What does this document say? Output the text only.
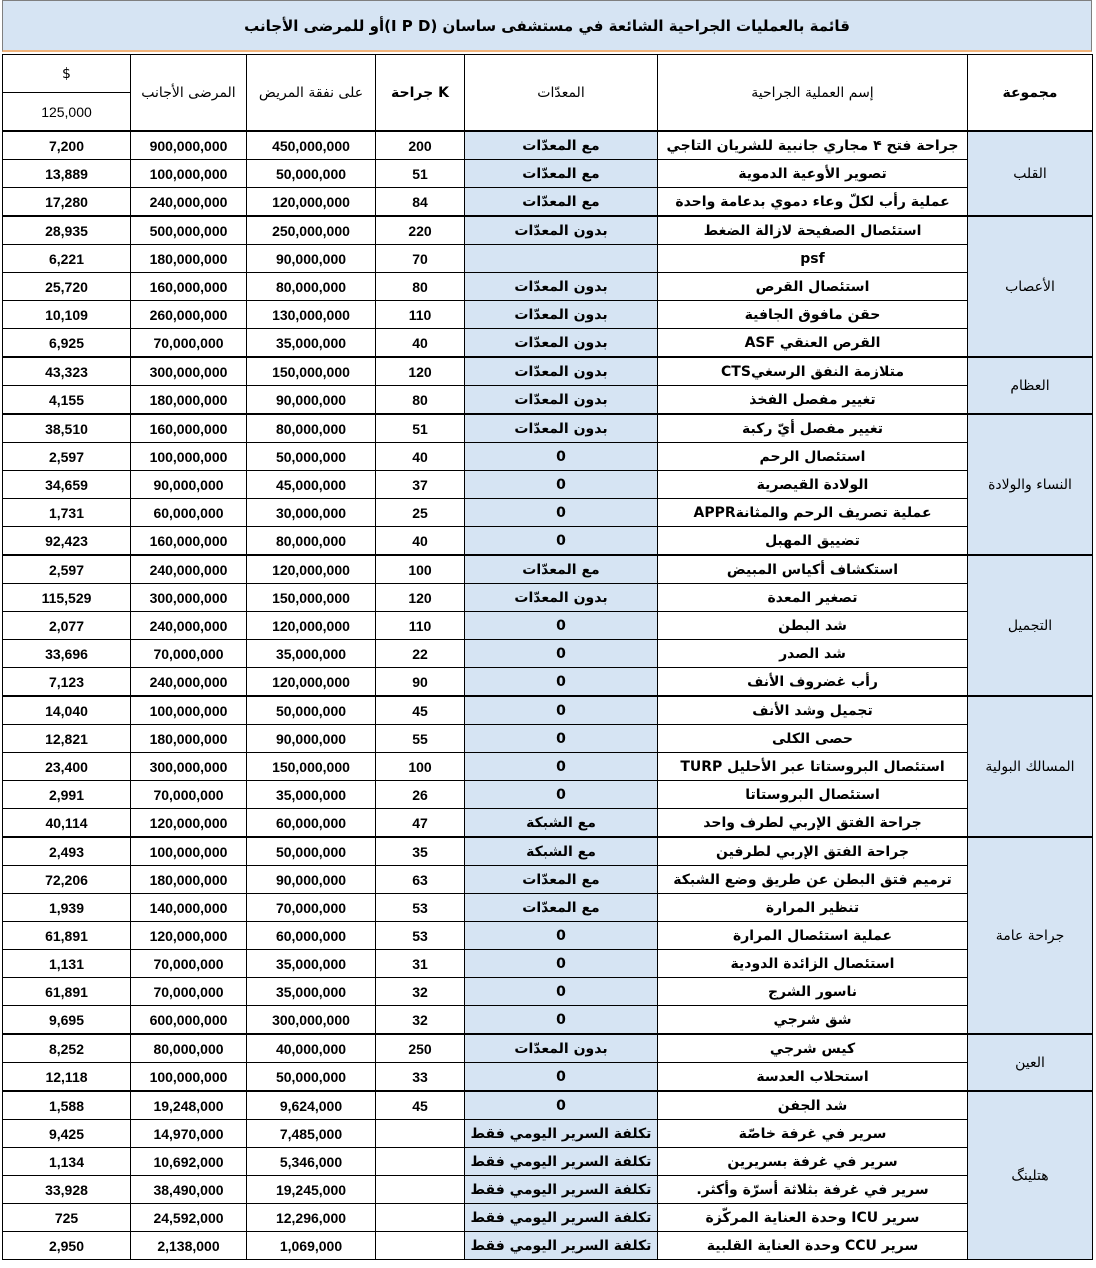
قائمة بالعمليات الجراحية الشائعة في مستشفى ساسان (I P D)أو للمرضى الأجانب
$	المرضى الأجانب	على نفقة المريض	جراحة K	المعدّات	إسم العملية الجراحية	مجموعة
125,000						
7,200	900,000,000	450,000,000	200	مع المعدّات	جراحة فتح ۴ مجاري جانبية للشريان التاجي	القلب
13,889	100,000,000	50,000,000	51	مع المعدّات	تصوير الأوعية الدموية	
17,280	240,000,000	120,000,000	84	مع المعدّات	عملية رأب لكلّ وعاء دموي بدعامة واحدة	
28,935	500,000,000	250,000,000	220	بدون المعدّات	استئصال الصفيحة لازالة الضغط	الأعصاب
6,221	180,000,000	90,000,000	70		psf	
25,720	160,000,000	80,000,000	80	بدون المعدّات	استئصال القرص	
10,109	260,000,000	130,000,000	110	بدون المعدّات	حقن مافوق الجافية	
6,925	70,000,000	35,000,000	40	بدون المعدّات	القرص العنقي ASF	
43,323	300,000,000	150,000,000	120	بدون المعدّات	متلازمة النفق الرسغيCTS	العظام
4,155	180,000,000	90,000,000	80	بدون المعدّات	تغيير مفصل الفخذ	
38,510	160,000,000	80,000,000	51	بدون المعدّات	تغيير مفصل أيّ ركبة	النساء والولادة
2,597	100,000,000	50,000,000	40	0	استئصال الرحم	
34,659	90,000,000	45,000,000	37	0	الولادة القيصرية	
1,731	60,000,000	30,000,000	25	0	عملية تصريف الرحم والمثانةAPPR	
92,423	160,000,000	80,000,000	40	0	تضييق المهبل	
2,597	240,000,000	120,000,000	100	مع المعدّات	استكشاف أكياس المبيض	التجميل
115,529	300,000,000	150,000,000	120	بدون المعدّات	تصغير المعدة	
2,077	240,000,000	120,000,000	110	0	شد البطن	
33,696	70,000,000	35,000,000	22	0	شد الصدر	
7,123	240,000,000	120,000,000	90	0	رأب غضروف الأنف	
14,040	100,000,000	50,000,000	45	0	تجميل وشد الأنف	المسالك البولية
12,821	180,000,000	90,000,000	55	0	حصى الكلى	
23,400	300,000,000	150,000,000	100	0	استئصال البروستاتا عبر الأحليل TURP	
2,991	70,000,000	35,000,000	26	0	استئصال البروستاتا	
40,114	120,000,000	60,000,000	47	مع الشبكة	جراحة الفتق الإربي لطرف واحد	
2,493	100,000,000	50,000,000	35	مع الشبكة	جراحة الفتق الإربي لطرفين	جراحة عامة
72,206	180,000,000	90,000,000	63	مع المعدّات	ترميم فتق البطن عن طريق وضع الشبكة	
1,939	140,000,000	70,000,000	53	مع المعدّات	تنظير المرارة	
61,891	120,000,000	60,000,000	53	0	عملية استئصال المرارة	
1,131	70,000,000	35,000,000	31	0	استئصال الزائدة الدودية	
61,891	70,000,000	35,000,000	32	0	ناسور الشرج	
9,695	600,000,000	300,000,000	32	0	شق شرجي	
8,252	80,000,000	40,000,000	250	بدون المعدّات	كيس شرجي	العين
12,118	100,000,000	50,000,000	33	0	استحلاب العدسة	
1,588	19,248,000	9,624,000	45	0	شد الجفن	هتلينگ
9,425	14,970,000	7,485,000		تكلفة السرير اليومي فقط	سرير في غرفة خاصّة	
1,134	10,692,000	5,346,000		تكلفة السرير اليومي فقط	سرير في غرفة بسريرين	
33,928	38,490,000	19,245,000		تكلفة السرير اليومي فقط	سرير في غرفة بثلاثة أسرّة وأكثر.	
725	24,592,000	12,296,000		تكلفة السرير اليومي فقط	سرير ICU وحدة العناية المركّزة	
2,950	2,138,000	1,069,000		تكلفة السرير اليومي فقط	سرير CCU وحدة العناية القلبية	
